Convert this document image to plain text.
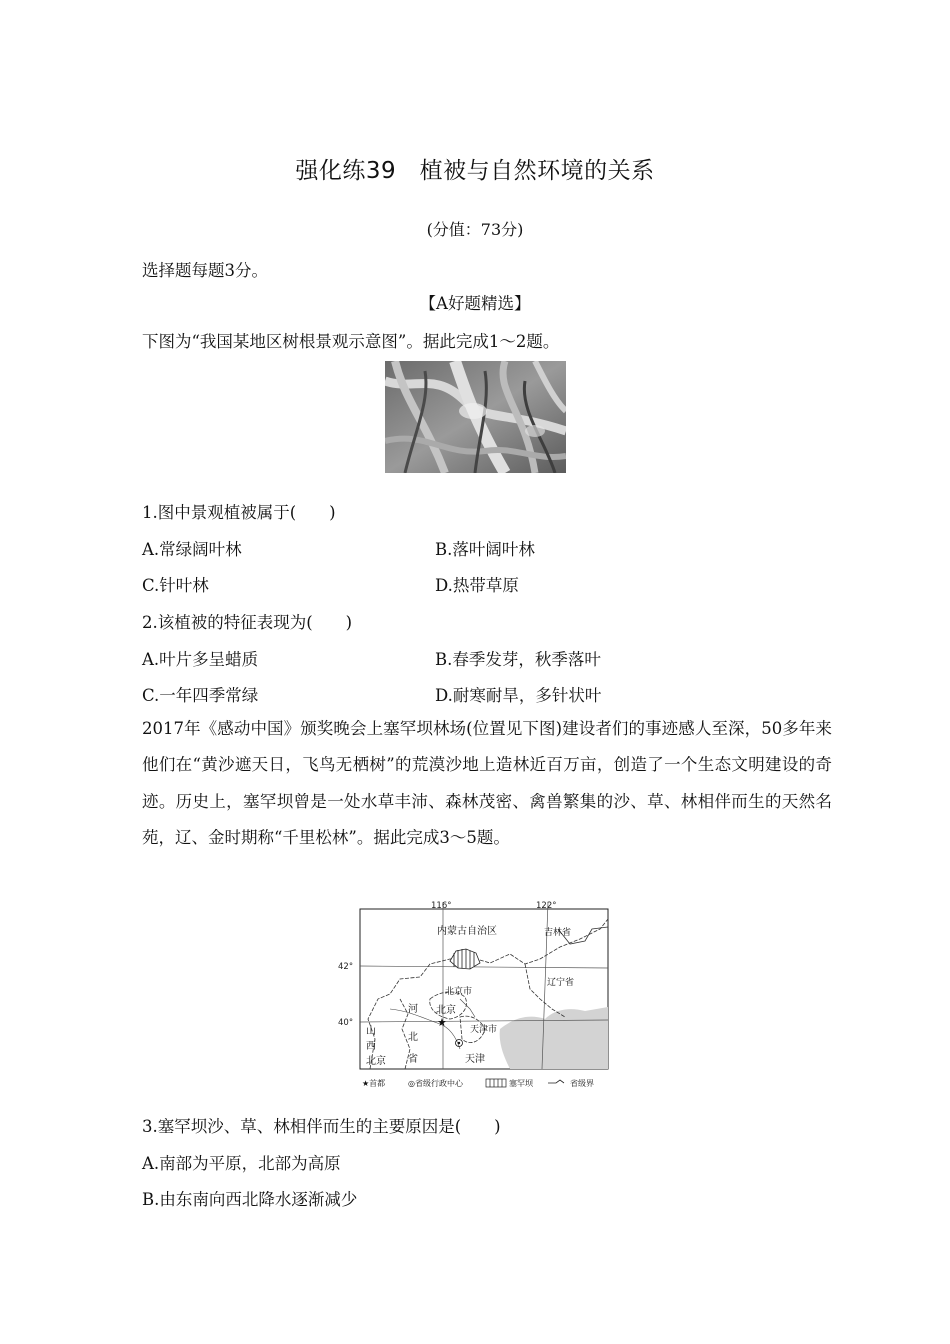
强化练39　植被与自然环境的关系
(分值：73分)
选择题每题3分。
【A好题精选】
下图为“我国某地区树根景观示意图”。据此完成1～2题。
1.图中景观植被属于(　　)
A.常绿阔叶林	B.落叶阔叶林
C.针叶林	D.热带草原
2.该植被的特征表现为(　　)
A.叶片多呈蜡质	B.春季发芽，秋季落叶
C.一年四季常绿	D.耐寒耐旱，多针状叶
2017年《感动中国》颁奖晚会上塞罕坝林场(位置见下图)建设者们的事迹感人至深，50多年来他们在“黄沙遮天日，飞鸟无栖树”的荒漠沙地上造林近百万亩，创造了一个生态文明建设的奇迹。历史上，塞罕坝曾是一处水草丰沛、森林茂密、禽兽繁集的沙、草、林相伴而生的天然名苑，辽、金时期称“千里松林”。据此完成3～5题。
★
116°	122°
42°
40°
内蒙古自治区	吉林省
辽宁省
北京市
天津市
河
北
省
山
西
北京
北京
天津
★首都	◎省级行政中心	塞罕坝	省级界
3.塞罕坝沙、草、林相伴而生的主要原因是(　　)
A.南部为平原，北部为高原
B.由东南向西北降水逐渐减少
